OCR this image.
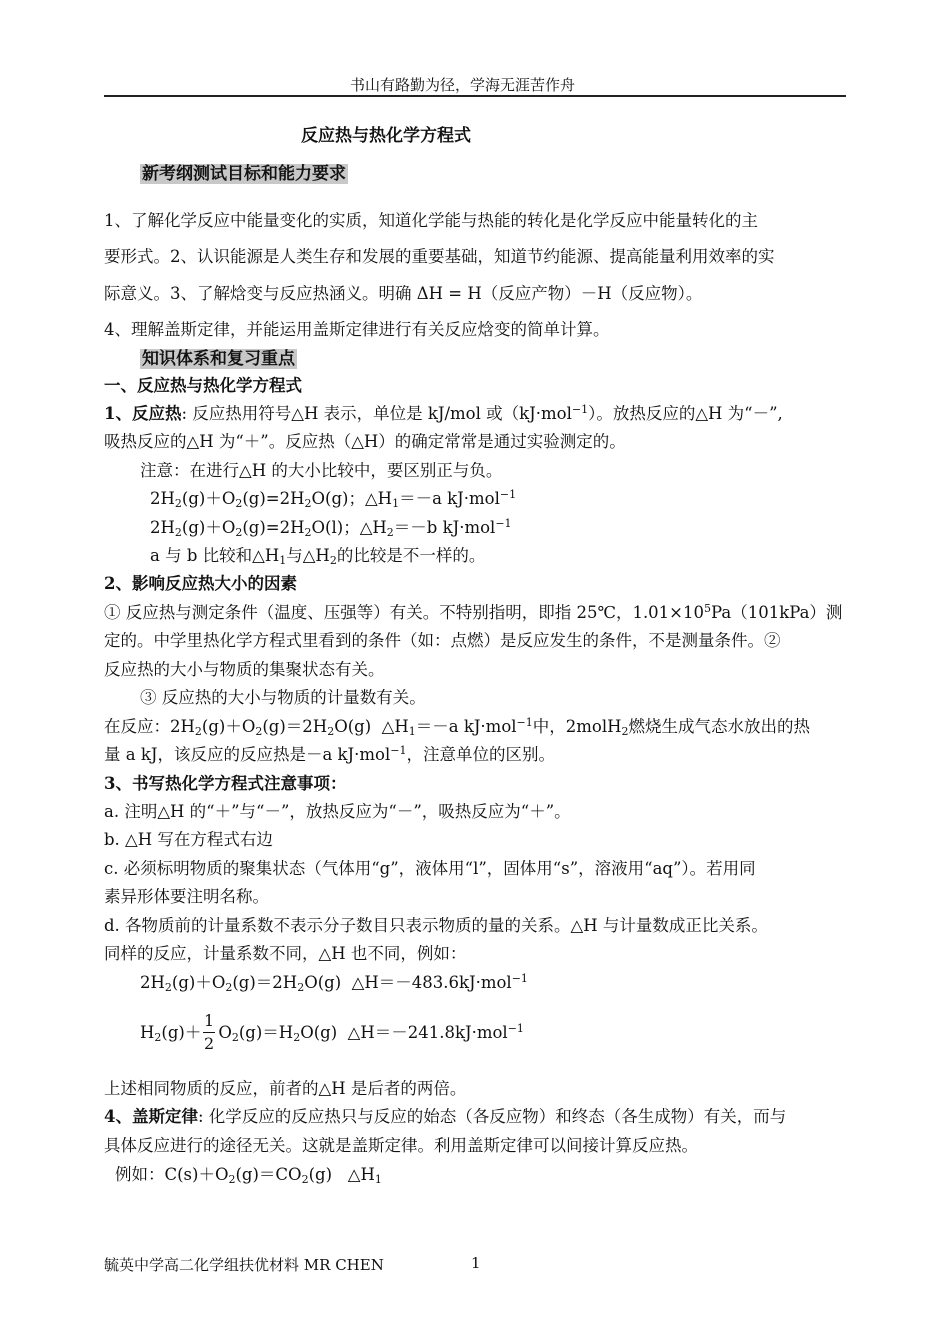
书山有路勤为径，学海无涯苦作舟
反应热与热化学方程式
新考纲测试目标和能力要求
1、了解化学反应中能量变化的实质，知道化学能与热能的转化是化学反应中能量转化的主
要形式。2、认识能源是人类生存和发展的重要基础，知道节约能源、提高能量利用效率的实
际意义。3、了解焓变与反应热涵义。明确 ΔH = H（反应产物）－H（反应物）。
4、理解盖斯定律，并能运用盖斯定律进行有关反应焓变的简单计算。
知识体系和复习重点
一、反应热与热化学方程式
1、反应热: 反应热用符号△H 表示，单位是 kJ/mol 或（kJ·mol$^{-1}$）。放热反应的△H 为“－”,
吸热反应的△H 为“＋”。反应热（△H）的确定常常是通过实验测定的。
注意：在进行△H 的大小比较中，要区别正与负。
$2H_2(g)+O_2(g)=2H_2O(g)$；$\triangle H_1=-a$ kJ·mol$^{-1}$
$2H_2(g)+O_2(g)=2H_2O(l)$；$\triangle H_2=-b$ kJ·mol$^{-1}$
a 与 b 比较和$\triangle H_1$与$\triangle H_2$的比较是不一样的。
2、影响反应热大小的因素
① 反应热与测定条件（温度、压强等）有关。不特别指明，即指 25℃，$1.01\times 10^5Pa(101kPa)$测
定的。中学里热化学方程式里看到的条件（如：点燃）是反应发生的条件，不是测量条件。②
反应热的大小与物质的集聚状态有关。
③ 反应热的大小与物质的计量数有关。
在反应：$2H_2(g)+O_2(g)=2H_2O(g)$  $\triangle H_1=-a$ kJ·mol$^{-1}$中，2molH$_2$燃烧生成气态水放出的热
量 a kJ，该反应的反应热是－a kJ·mol$^{-1}$，注意单位的区别。
3、书写热化学方程式注意事项：
a. 注明△H 的“＋”与“－”，放热反应为“－”，吸热反应为“＋”。
b. △H 写在方程式右边
c. 必须标明物质的聚集状态（气体用“g”，液体用“l”，固体用“s”，溶液用“aq”）。若用同
素异形体要注明名称。
d. 各物质前的计量系数不表示分子数目只表示物质的量的关系。△H 与计量数成正比关系。
同样的反应，计量系数不同，△H 也不同，例如：
$2H_2(g)+O_2(g)=2H_2O(g)$  △H＝－483.6kJ·mol$^{-1}$
$H_2(g)+ O_2(g)=H_2O(g)$  △H＝－241.8kJ·mol$^{-1}$
$\frac{1}{2}$
上述相同物质的反应，前者的△H 是后者的两倍。
4、盖斯定律: 化学反应的反应热只与反应的始态（各反应物）和终态（各生成物）有关，而与
具体反应进行的途径无关。这就是盖斯定律。利用盖斯定律可以间接计算反应热。
例如：$C(s)+O_2(g)=CO_2(g)$   $\triangle H_1$
毓英中学高二化学组扶优材料 MR CHEN	1
